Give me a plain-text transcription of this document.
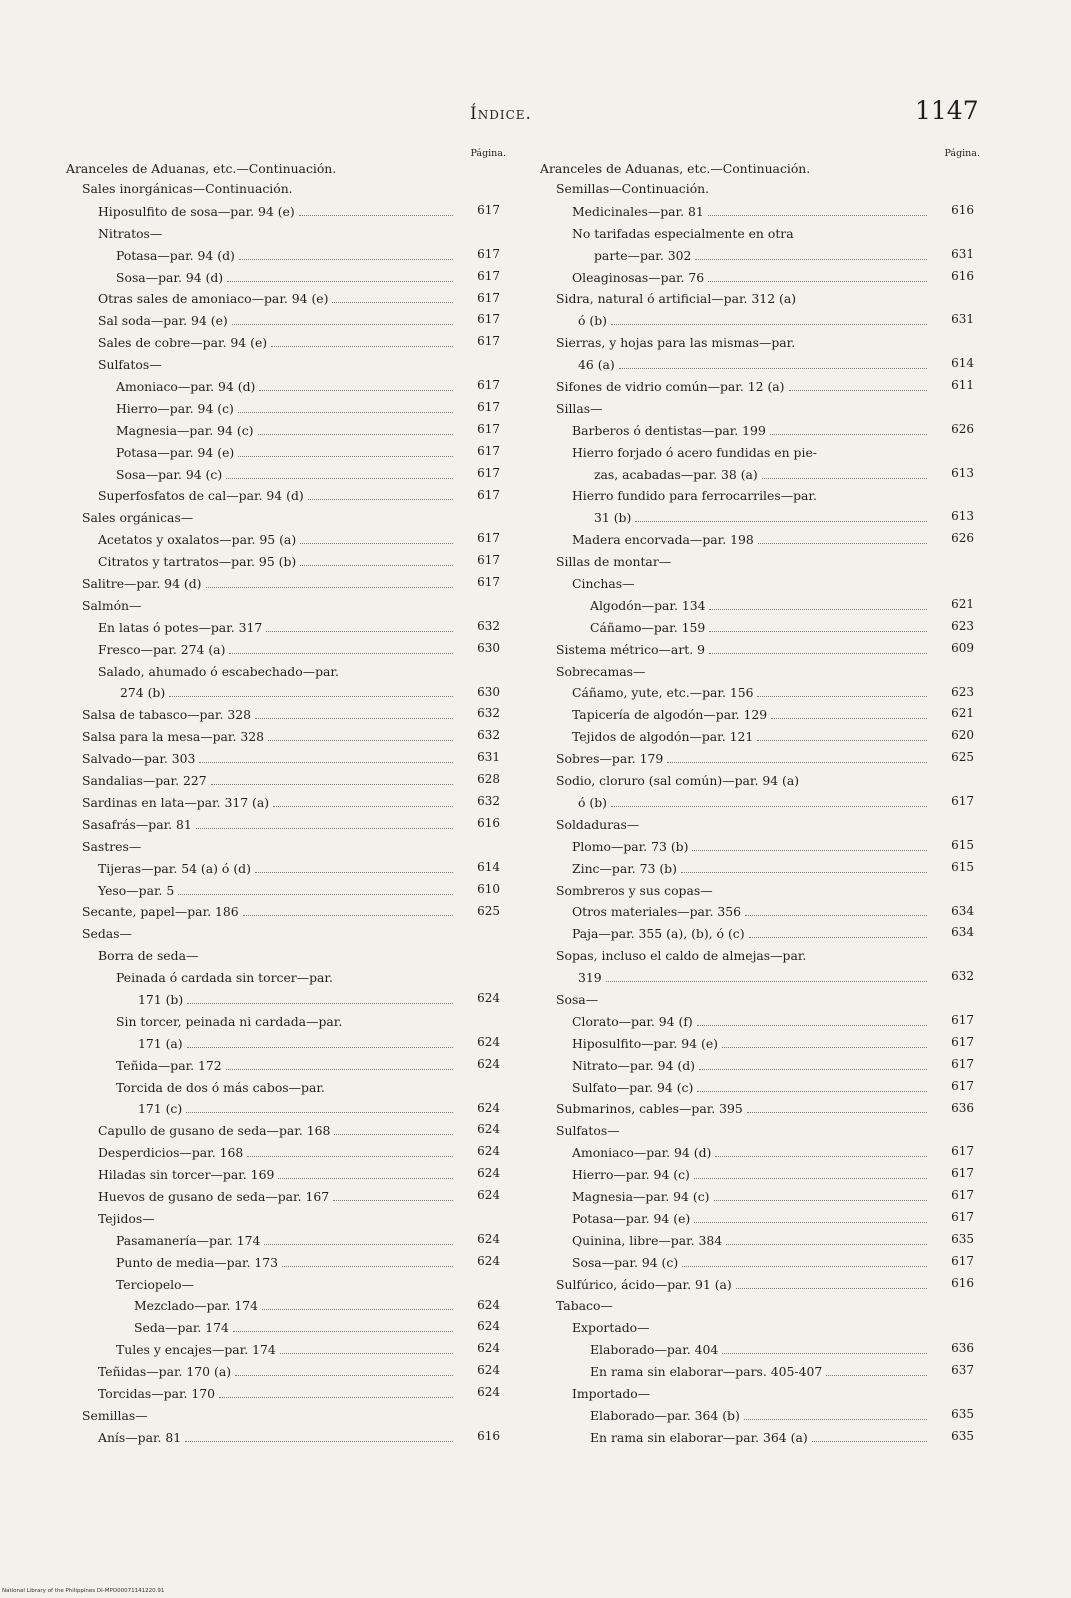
Índice.	1147
Página.
Aranceles de Aduanas, etc.—Continuación.
Sales inorgánicas—Continuación.
Hiposulfito de sosa—par. 94 (e)	617
Nitratos—
Potasa—par. 94 (d)	617
Sosa—par. 94 (d)	617
Otras sales de amoniaco—par. 94 (e)	617
Sal soda—par. 94 (e)	617
Sales de cobre—par. 94 (e)	617
Sulfatos—
Amoniaco—par. 94 (d)	617
Hierro—par. 94 (c)	617
Magnesia—par. 94 (c)	617
Potasa—par. 94 (e)	617
Sosa—par. 94 (c)	617
Superfosfatos de cal—par. 94 (d)	617
Sales orgánicas—
Acetatos y oxalatos—par. 95 (a)	617
Citratos y tartratos—par. 95 (b)	617
Salitre—par. 94 (d)	617
Salmón—
En latas ó potes—par. 317	632
Fresco—par. 274 (a)	630
Salado, ahumado ó escabechado—par.
274 (b)	630
Salsa de tabasco—par. 328	632
Salsa para la mesa—par. 328	632
Salvado—par. 303	631
Sandalias—par. 227	628
Sardinas en lata—par. 317 (a)	632
Sasafrás—par. 81	616
Sastres—
Tijeras—par. 54 (a) ó (d)	614
Yeso—par. 5	610
Secante, papel—par. 186	625
Sedas—
Borra de seda—
Peinada ó cardada sin torcer—par.
171 (b)	624
Sin torcer, peinada ni cardada—par.
171 (a)	624
Teñida—par. 172	624
Torcida de dos ó más cabos—par.
171 (c)	624
Capullo de gusano de seda—par. 168	624
Desperdicios—par. 168	624
Hiladas sin torcer—par. 169	624
Huevos de gusano de seda—par. 167	624
Tejidos—
Pasamanería—par. 174	624
Punto de media—par. 173	624
Terciopelo—
Mezclado—par. 174	624
Seda—par. 174	624
Tules y encajes—par. 174	624
Teñidas—par. 170 (a)	624
Torcidas—par. 170	624
Semillas—
Anís—par. 81	616
Página.
Aranceles de Aduanas, etc.—Continuación.
Semillas—Continuación.
Medicinales—par. 81	616
No tarifadas especialmente en otra
parte—par. 302	631
Oleaginosas—par. 76	616
Sidra, natural ó artificial—par. 312 (a)
ó (b)	631
Sierras, y hojas para las mismas—par.
46 (a)	614
Sifones de vidrio común—par. 12 (a)	611
Sillas—
Barberos ó dentistas—par. 199	626
Hierro forjado ó acero fundidas en pie-
zas, acabadas—par. 38 (a)	613
Hierro fundido para ferrocarriles—par.
31 (b)	613
Madera encorvada—par. 198	626
Sillas de montar—
Cinchas—
Algodón—par. 134	621
Cáñamo—par. 159	623
Sistema métrico—art. 9	609
Sobrecamas—
Cáñamo, yute, etc.—par. 156	623
Tapicería de algodón—par. 129	621
Tejidos de algodón—par. 121	620
Sobres—par. 179	625
Sodio, cloruro (sal común)—par. 94 (a)
ó (b)	617
Soldaduras—
Plomo—par. 73 (b)	615
Zinc—par. 73 (b)	615
Sombreros y sus copas—
Otros materiales—par. 356	634
Paja—par. 355 (a), (b), ó (c)	634
Sopas, incluso el caldo de almejas—par.
319	632
Sosa—
Clorato—par. 94 (f)	617
Hiposulfito—par. 94 (e)	617
Nitrato—par. 94 (d)	617
Sulfato—par. 94 (c)	617
Submarinos, cables—par. 395	636
Sulfatos—
Amoniaco—par. 94 (d)	617
Hierro—par. 94 (c)	617
Magnesia—par. 94 (c)	617
Potasa—par. 94 (e)	617
Quinina, libre—par. 384	635
Sosa—par. 94 (c)	617
Sulfúrico, ácido—par. 91 (a)	616
Tabaco—
Exportado—
Elaborado—par. 404	636
En rama sin elaborar—pars. 405-407	637
Importado—
Elaborado—par. 364 (b)	635
En rama sin elaborar—par. 364 (a)	635
National Library of the Philippines DI-MPO00071141220.91
